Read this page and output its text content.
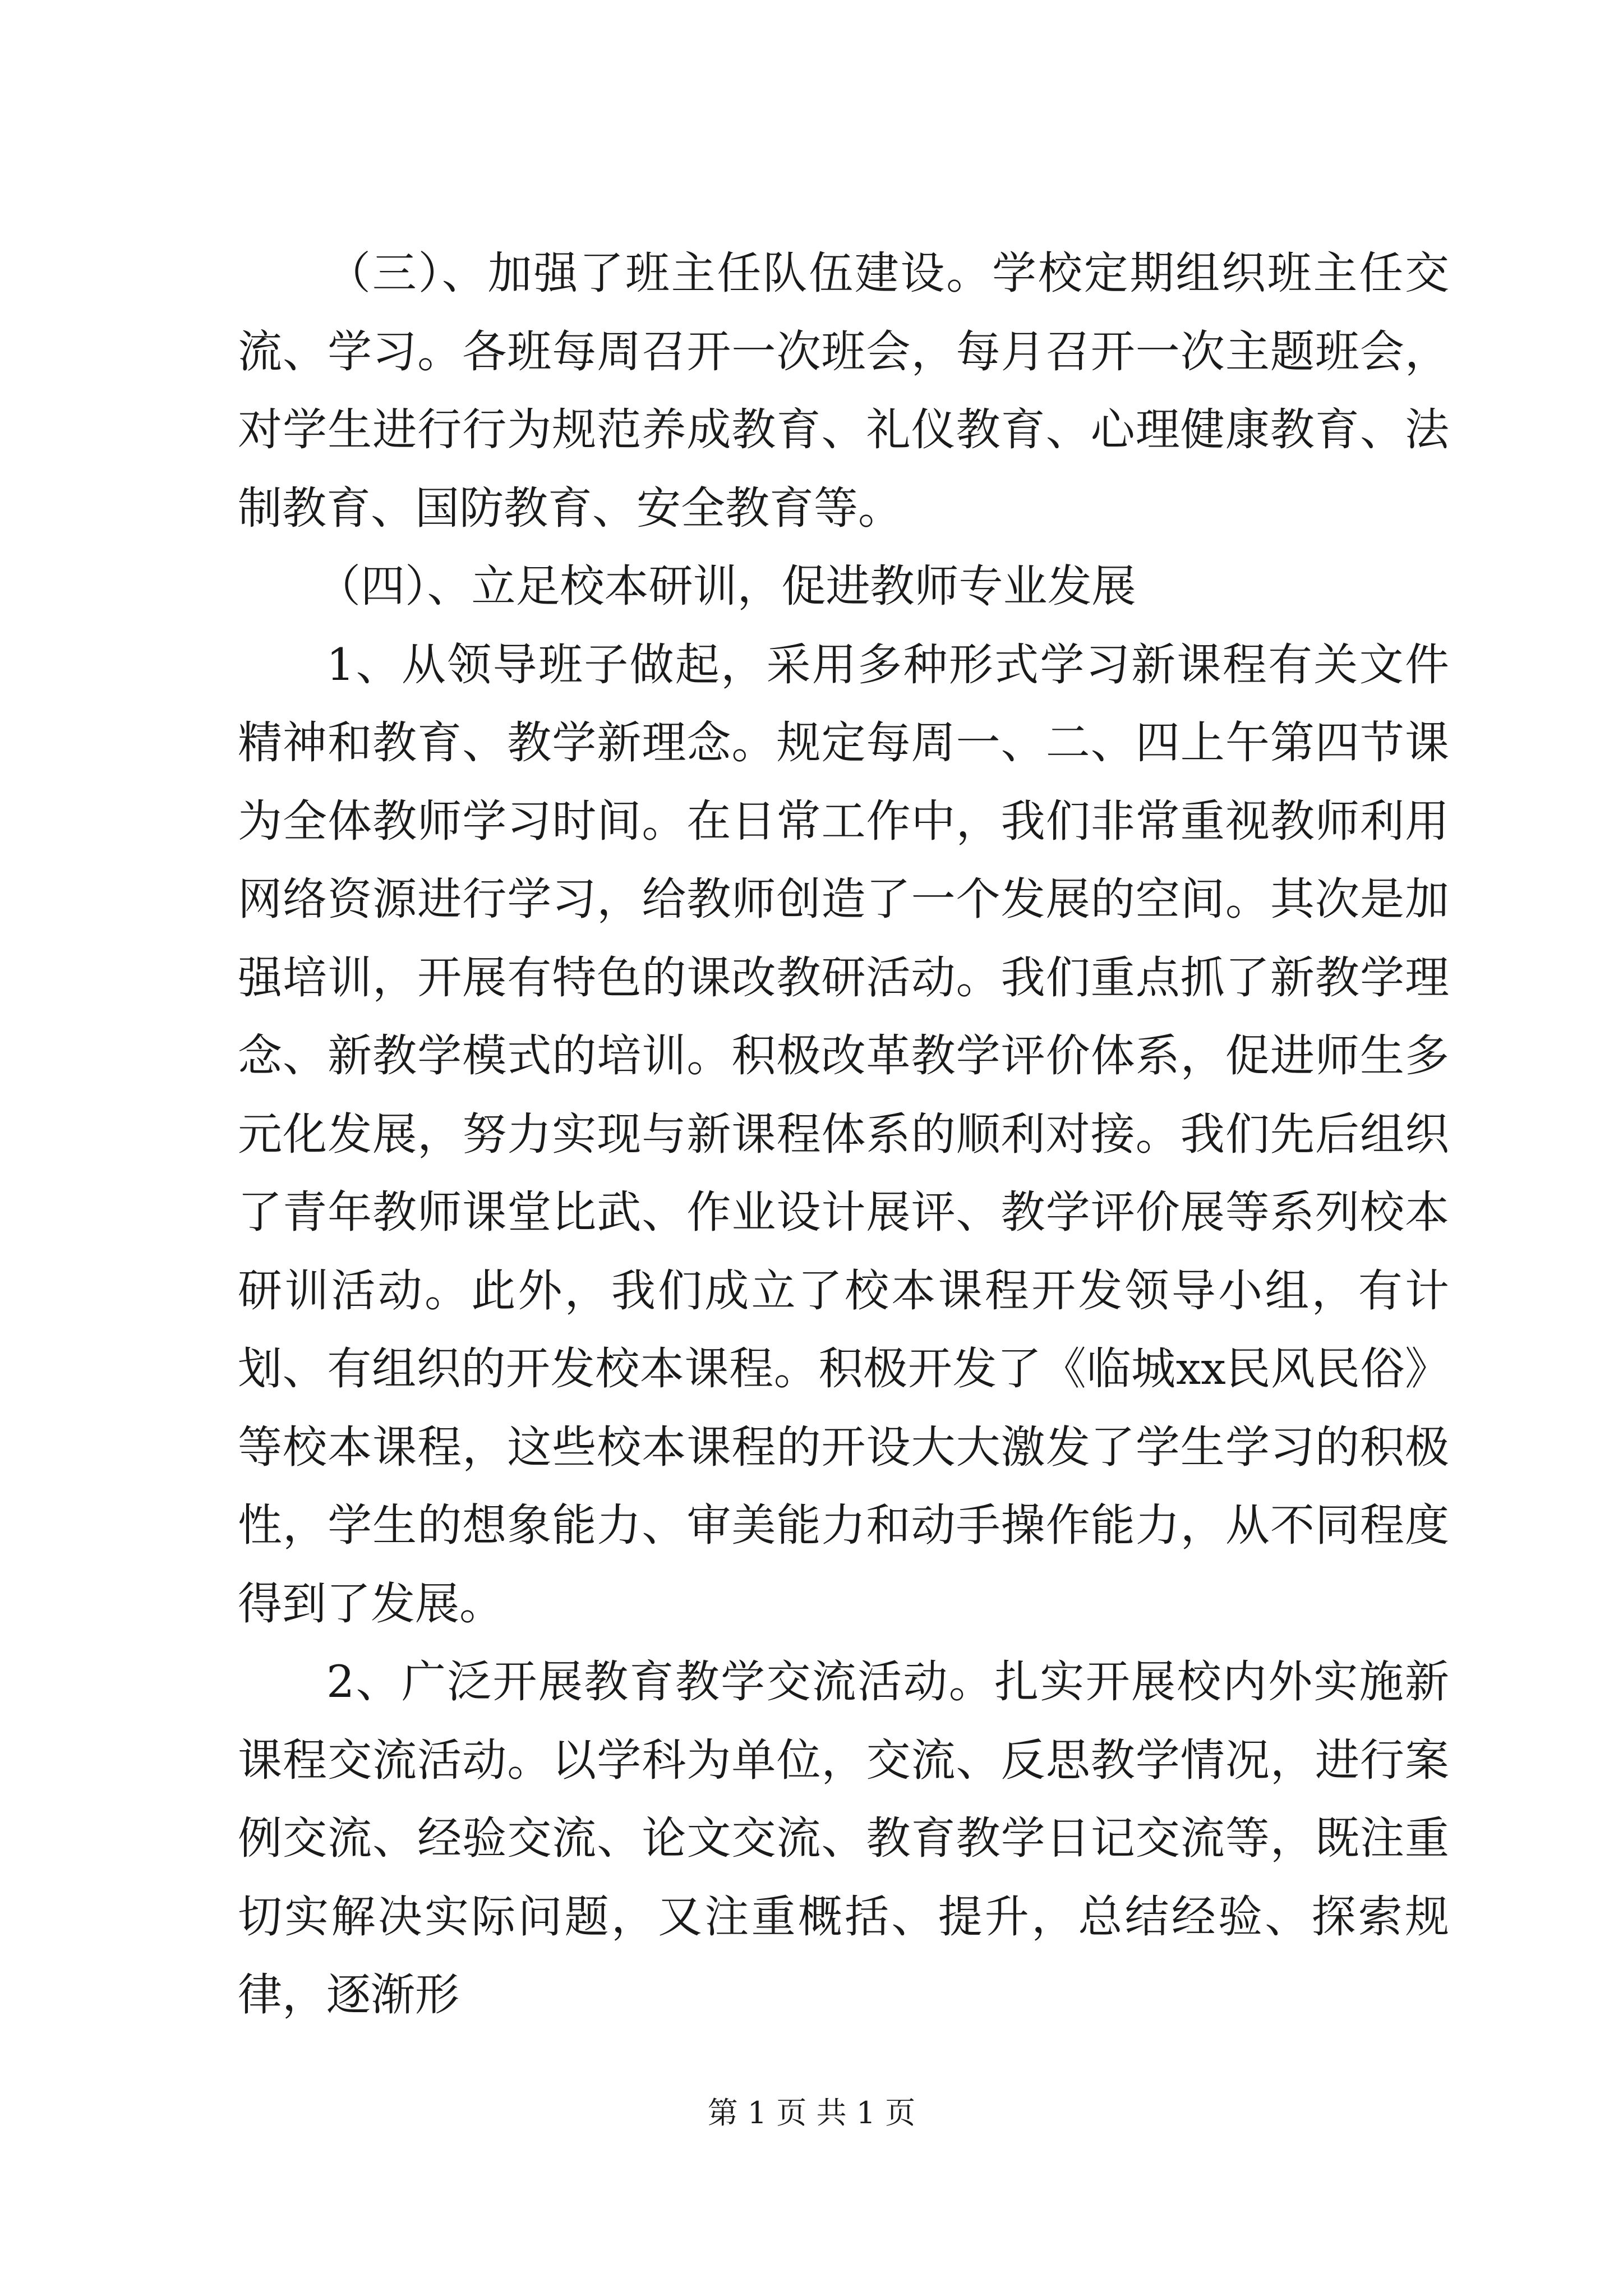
（三）、加强了班主任队伍建设。学校定期组织班主任交流、学习。各班每周召开一次班会，每月召开一次主题班会，对学生进行行为规范养成教育、礼仪教育、心理健康教育、法制教育、国防教育、安全教育等。

（四）、立足校本研训，促进教师专业发展

1、从领导班子做起，采用多种形式学习新课程有关文件精神和教育、教学新理念。规定每周一、二、四上午第四节课为全体教师学习时间。在日常工作中，我们非常重视教师利用网络资源进行学习，给教师创造了一个发展的空间。其次是加强培训，开展有特色的课改教研活动。我们重点抓了新教学理念、新教学模式的培训。积极改革教学评价体系，促进师生多元化发展，努力实现与新课程体系的顺利对接。我们先后组织了青年教师课堂比武、作业设计展评、教学评价展等系列校本研训活动。此外，我们成立了校本课程开发领导小组，有计划、有组织的开发校本课程。积极开发了《临城xx民风民俗》等校本课程，这些校本课程的开设大大激发了学生学习的积极性，学生的想象能力、审美能力和动手操作能力，从不同程度得到了发展。

2、广泛开展教育教学交流活动。扎实开展校内外实施新课程交流活动。以学科为单位，交流、反思教学情况，进行案例交流、经验交流、论文交流、教育教学日记交流等，既注重切实解决实际问题，又注重概括、提升，总结经验、探索规律，逐渐形

第 1 页 共 1 页
